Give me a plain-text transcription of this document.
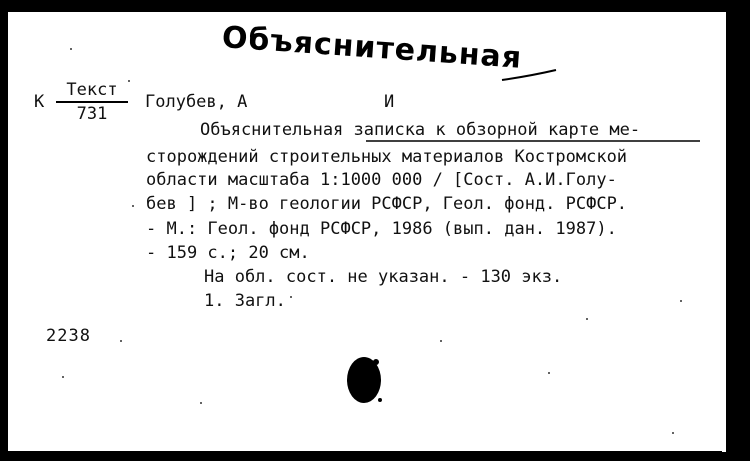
Объяснительная
К
Текст
731
Голубев, А	И
Объяснительная записка к обзорной карте ме-
сторождений строительных материалов Костромской
области масштаба 1:1000 000 / [Сост. А.И.Голу-
бев ] ; М-во геологии РСФСР, Геол. фонд. РСФСР.
- М.: Геол. фонд РСФСР, 1986 (вып. дан. 1987).
- 159 с.; 20 см.
На обл. сост. не указан. - 130 экз.
1. Загл.
2238
